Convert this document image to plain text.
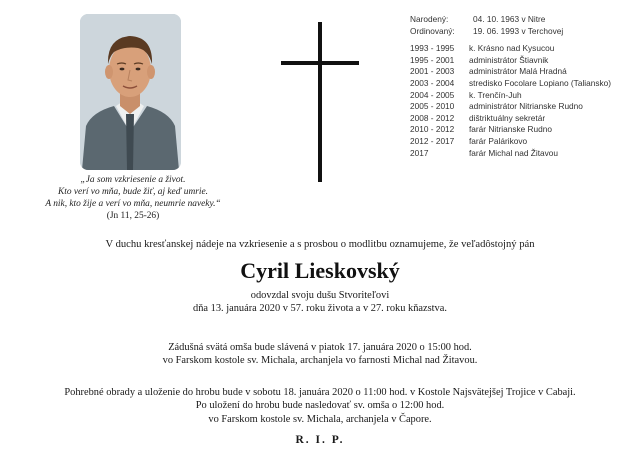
„Ja som vzkriesenie a život.
Kto verí vo mňa, bude žiť, aj keď umrie.
A nik, kto žije a verí vo mňa, neumrie naveky.“
(Jn 11, 25-26)
Narodený:	04. 10. 1963 v Nitre
Ordinovaný:	19. 06. 1993 v Terchovej
1993 - 1995	k. Krásno nad Kysucou
1995 - 2001	administrátor Štiavnik
2001 - 2003	administrátor Malá Hradná
2003 - 2004	stredisko Focolare Lopiano (Taliansko)
2004 - 2005	k. Trenčín-Juh
2005 - 2010	administrátor Nitrianske Rudno
2008 - 2012	dištriktuálny sekretár
2010 - 2012	farár Nitrianske Rudno
2012 - 2017	farár Palárikovo
2017	farár Michal nad Žitavou
V duchu kresťanskej nádeje na vzkriesenie a s prosbou o modlitbu oznamujeme, že veľadôstojný pán
Cyril Lieskovský
odovzdal svoju dušu Stvoriteľovi
dňa 13. januára 2020 v 57. roku života a v 27. roku kňazstva.
Zádušná svätá omša bude slávená v piatok 17. januára 2020 o 15:00 hod.
vo Farskom kostole sv. Michala, archanjela vo farnosti Michal nad Žitavou.
Pohrebné obrady a uloženie do hrobu bude v sobotu 18. januára 2020 o 11:00 hod. v Kostole Najsvätejšej Trojice v Cabaji.
Po uložení do hrobu bude nasledovať sv. omša o 12:00 hod.
vo Farskom kostole sv. Michala, archanjela v Čapore.
R. I. P.
